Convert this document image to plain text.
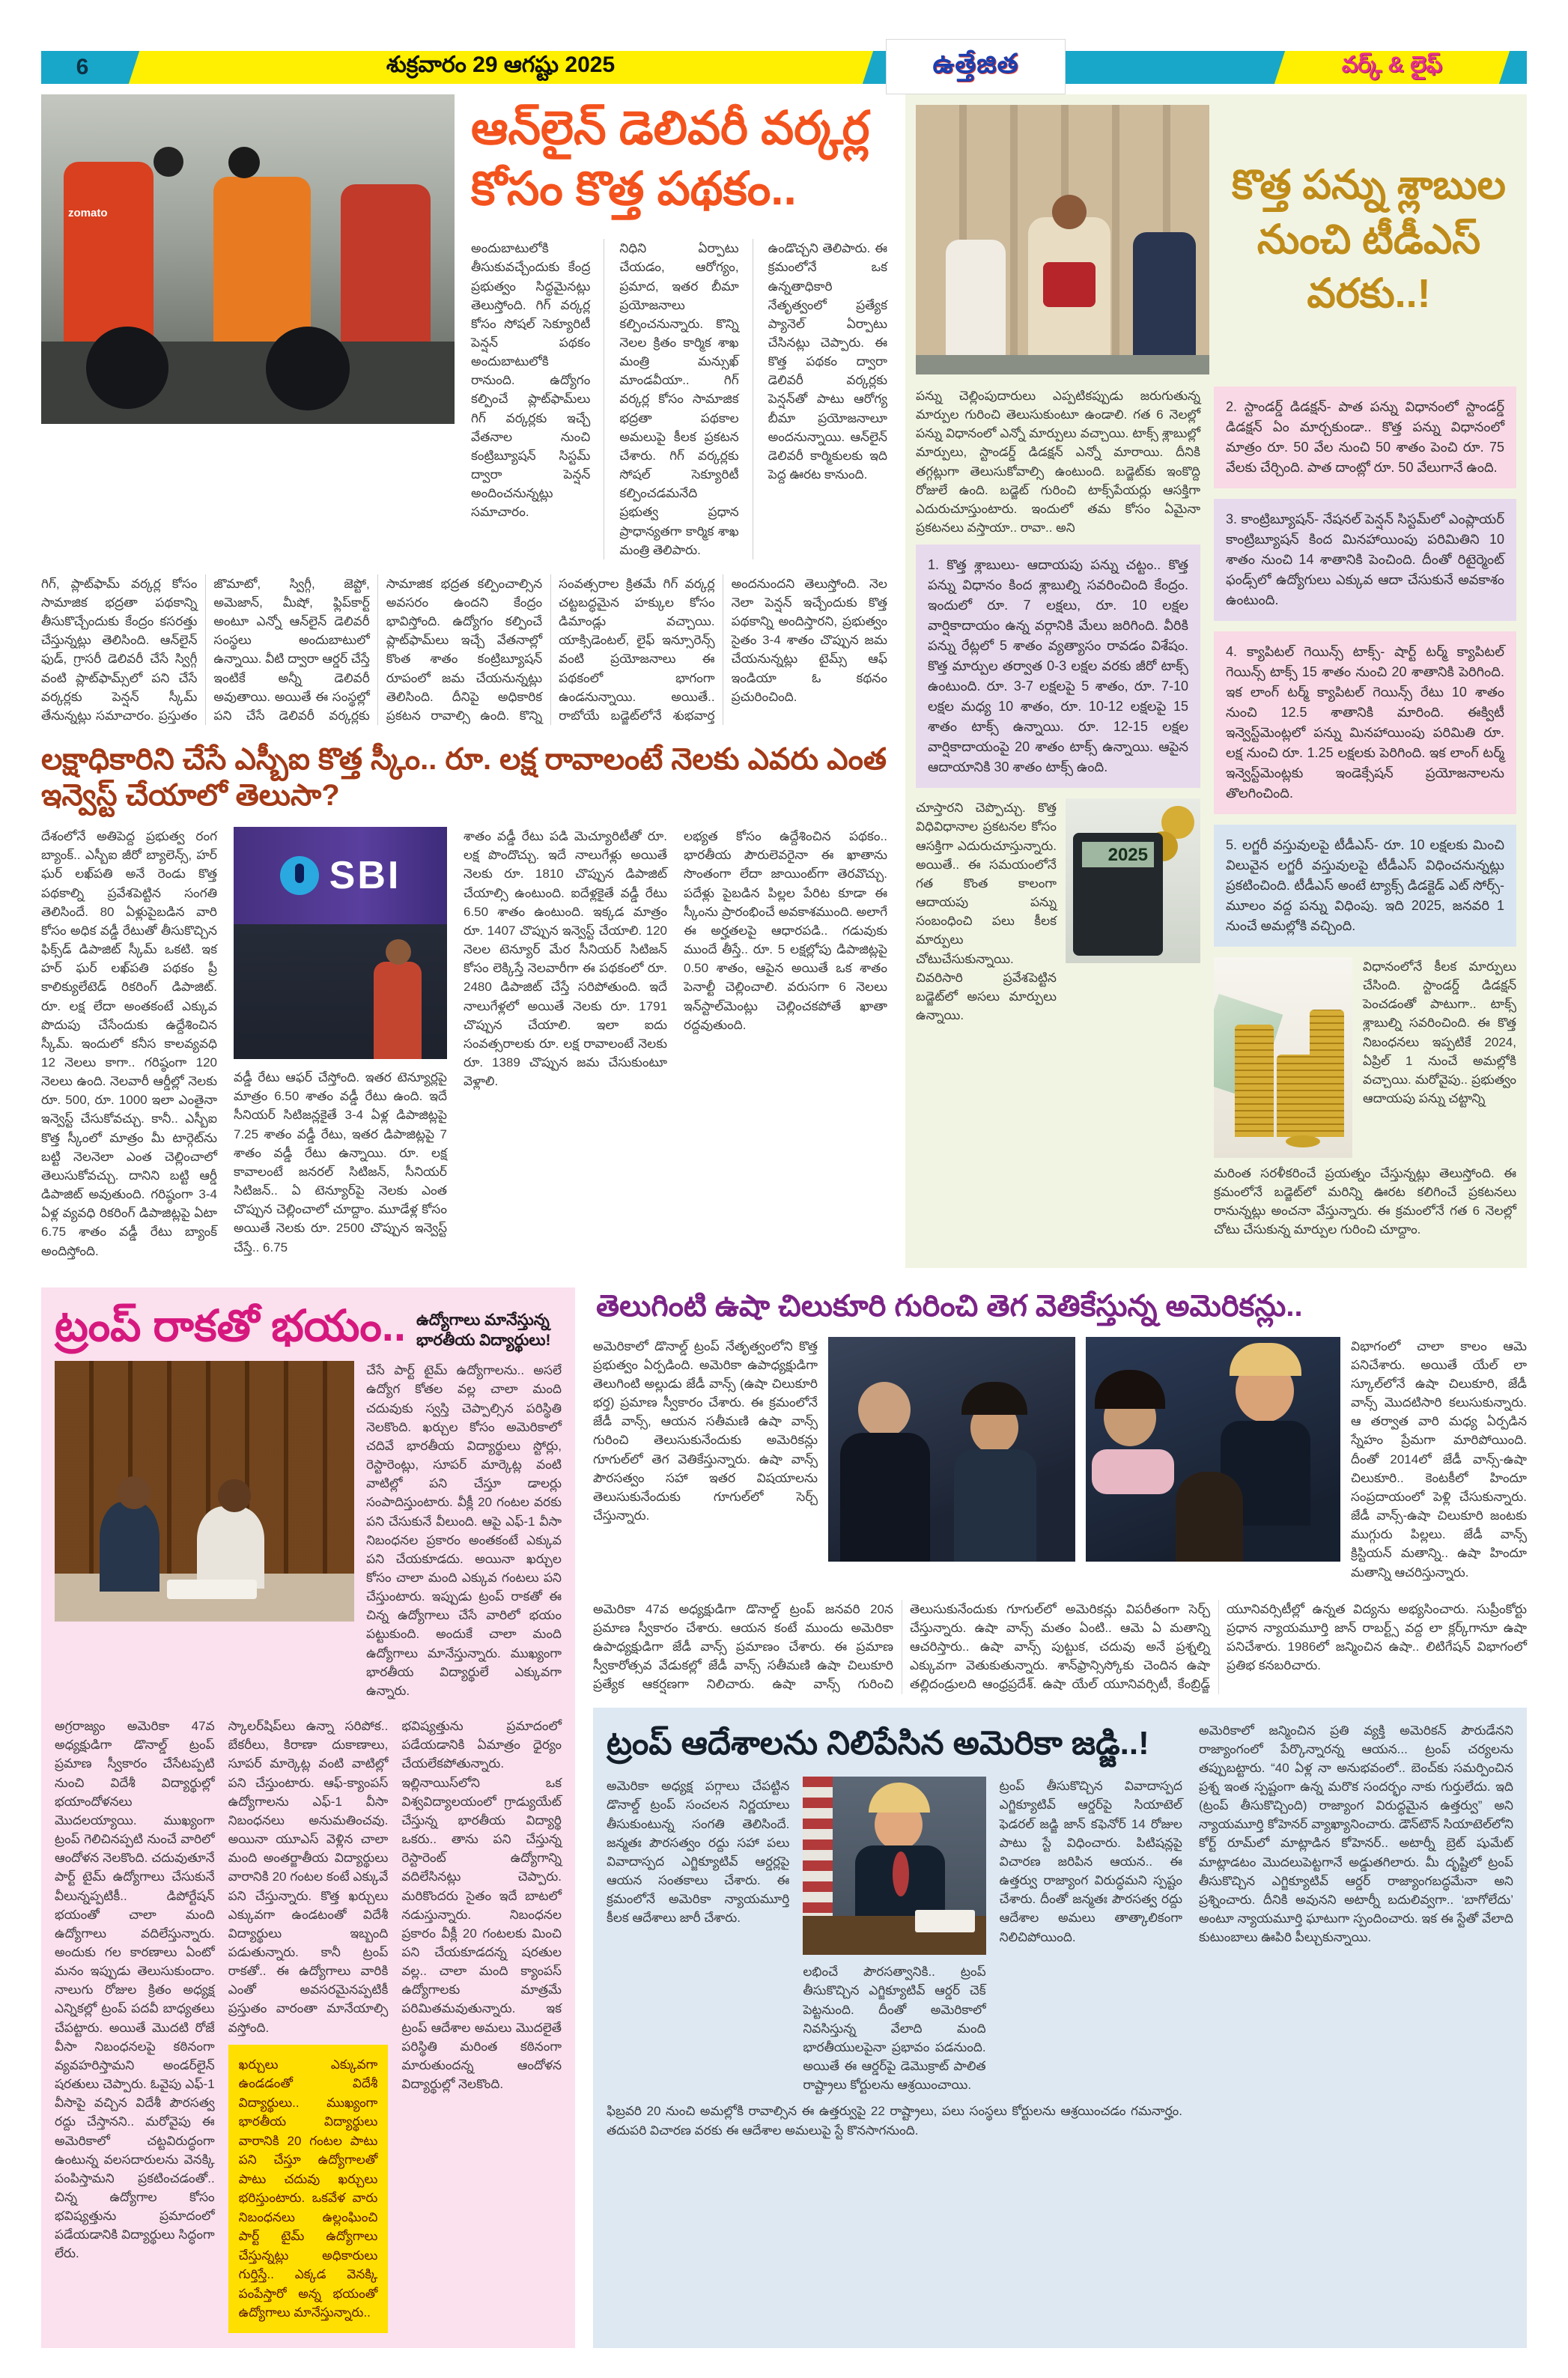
6	శుక్రవారం 29 ఆగష్టు 2025	ఉత్తేజిత	వర్క్ & లైఫ్
zomato
ఆన్‌లైన్ డెలివరీ వర్కర్ల కోసం కొత్త పథకం..

అందుబాటులోకి తీసుకువచ్చేందుకు కేంద్ర ప్రభుత్వం సిద్ధమైనట్లు తెలుస్తోంది. గిగ్ వర్కర్ల కోసం సోషల్ సెక్యూరిటీ పెన్షన్ పథకం అందుబాటులోకి రానుంది. ఉద్యోగం కల్పించే ప్లాట్‌ఫామ్‌లు గిగ్ వర్కర్లకు ఇచ్చే వేతనాల నుంచి కంట్రిబ్యూషన్ సిస్టమ్ ద్వారా పెన్షన్ అందించనున్నట్లు సమాచారం.

నిధిని ఏర్పాటు చేయడం, ఆరోగ్యం, ప్రమాద, ఇతర బీమా ప్రయోజనాలు కల్పించనున్నారు. కొన్ని నెలల క్రితం కార్మిక శాఖ మంత్రి మన్సుఖ్ మాండవీయా.. గిగ్ వర్కర్ల కోసం సామాజిక భద్రతా పథకాల అమలుపై కీలక ప్రకటన చేశారు. గిగ్ వర్కర్లకు సోషల్ సెక్యూరిటీ కల్పించడమనేది ప్రభుత్వ ప్రధాన ప్రాధాన్యతగా కార్మిక శాఖ మంత్రి తెలిపారు.

ఉండొచ్చని తెలిపారు. ఈ క్రమంలోనే ఒక ఉన్నతాధికారి నేతృత్వంలో ప్రత్యేక ప్యానెల్ ఏర్పాటు చేసినట్లు చెప్పారు. ఈ కొత్త పథకం ద్వారా డెలివరీ వర్కర్లకు పెన్షన్‌తో పాటు ఆరోగ్య బీమా ప్రయోజనాలూ అందనున్నాయి. ఆన్‌లైన్ డెలివరీ కార్మికులకు ఇది పెద్ద ఊరట కానుంది.

గిగ్, ప్లాట్‌ఫామ్ వర్కర్ల కోసం సామాజిక భద్రతా పథకాన్ని తీసుకొచ్చేందుకు కేంద్రం కసరత్తు చేస్తున్నట్లు తెలిసింది. ఆన్‌లైన్ ఫుడ్, గ్రాసరీ డెలివరీ చేసే స్విగ్గీ వంటి ప్లాట్‌ఫామ్స్‌లో పని చేసే వర్కర్లకు పెన్షన్ స్కీమ్ తేనున్నట్లు సమాచారం. ప్రస్తుతం జొమాటో, స్విగ్గీ, జెప్టో, అమెజాన్, మీషో, ఫ్లిప్‌కార్ట్ అంటూ ఎన్నో ఆన్‌లైన్ డెలివరీ సంస్థలు అందుబాటులో ఉన్నాయి. వీటి ద్వారా ఆర్డర్ చేస్తే ఇంటికే అన్నీ డెలివరీ అవుతాయి. అయితే ఈ సంస్థల్లో పని చేసే డెలివరీ వర్కర్లకు సామాజిక భద్రత కల్పించాల్సిన అవసరం ఉందని కేంద్రం భావిస్తోంది. ఉద్యోగం కల్పించే ప్లాట్‌ఫామ్‌లు ఇచ్చే వేతనాల్లో కొంత శాతం కంట్రిబ్యూషన్ రూపంలో జమ చేయనున్నట్లు తెలిసింది. దీనిపై అధికారిక ప్రకటన రావాల్సి ఉంది. కొన్ని సంవత్సరాల క్రితమే గిగ్ వర్కర్ల చట్టబద్ధమైన హక్కుల కోసం డిమాండ్లు వచ్చాయి. యాక్సిడెంటల్, లైఫ్ ఇన్సూరెన్స్ వంటి ప్రయోజనాలు ఈ పథకంలో భాగంగా ఉండనున్నాయి. అయితే.. రాబోయే బడ్జెట్‌లోనే శుభవార్త అందనుందని తెలుస్తోంది. నెల నెలా పెన్షన్ ఇచ్చేందుకు కొత్త పథకాన్ని అందిస్తారని, ప్రభుత్వం సైతం 3-4 శాతం చొప్పున జమ చేయనున్నట్లు టైమ్స్ ఆఫ్ ఇండియా ఓ కథనం ప్రచురించింది.
లక్షాధికారిని చేసే ఎస్బీఐ కొత్త స్కీం.. రూ. లక్ష రావాలంటే నెలకు ఎవరు ఎంత ఇన్వెస్ట్ చేయాలో తెలుసా?

దేశంలోనే అతిపెద్ద ప్రభుత్వ రంగ బ్యాంక్.. ఎస్బీఐ జీరో బ్యాలెన్స్, హర్ ఘర్ లఖ్‌పతి అనే రెండు కొత్త పథకాల్ని ప్రవేశపెట్టిన సంగతి తెలిసిందే. 80 ఏళ్లుపైబడిన వారి కోసం అధిక వడ్డీ రేటుతో తీసుకొచ్చిన ఫిక్స్‌డ్ డిపాజిట్ స్కీమ్ ఒకటి. ఇక హర్ ఘర్ లఖ్‌పతి పథకం ప్రీ కాలిక్యులేటెడ్ రికరింగ్ డిపాజిట్. రూ. లక్ష లేదా అంతకంటే ఎక్కువ పొదుపు చేసేందుకు ఉద్దేశించిన స్కీమ్. ఇందులో కనీస కాలవ్యవధి 12 నెలలు కాగా.. గరిష్ఠంగా 120 నెలలు ఉంది. నెలవారీ ఆర్డీల్లో నెలకు రూ. 500, రూ. 1000 ఇలా ఎంతైనా ఇన్వెస్ట్ చేసుకోవచ్చు. కానీ.. ఎస్బీఐ కొత్త స్కీంలో మాత్రం మీ టార్గెట్‌ను బట్టి నెలనెలా ఎంత చెల్లించాలో తెలుసుకోవచ్చు. దానిని బట్టి ఆర్డీ డిపాజిట్ అవుతుంది. గరిష్ఠంగా 3-4 ఏళ్ల వ్యవధి రికరింగ్ డిపాజిట్లపై ఏటా 6.75 శాతం వడ్డీ రేటు బ్యాంక్ అందిస్తోంది.

SBI

వడ్డీ రేటు ఆఫర్ చేస్తోంది. ఇతర టెన్యూర్లపై మాత్రం 6.50 శాతం వడ్డీ రేటు ఉంది. ఇదే సీనియర్ సిటిజన్లకైతే 3-4 ఏళ్ల డిపాజిట్లపై 7.25 శాతం వడ్డీ రేటు, ఇతర డిపాజిట్లపై 7 శాతం వడ్డీ రేటు ఉన్నాయి. రూ. లక్ష కావాలంటే జనరల్ సిటిజన్, సీనియర్ సిటిజన్.. ఏ టెన్యూర్‌పై నెలకు ఎంత చొప్పున చెల్లించాలో చూద్దాం. మూడేళ్ల కోసం అయితే నెలకు రూ. 2500 చొప్పున ఇన్వెస్ట్ చేస్తే.. 6.75

శాతం వడ్డీ రేటు పడి మెచ్యూరిటీతో రూ. లక్ష పొందొచ్చు. ఇదే నాలుగేళ్లు అయితే నెలకు రూ. 1810 చొప్పున డిపాజిట్ చేయాల్సి ఉంటుంది. ఐదేళ్లకైతే వడ్డీ రేటు 6.50 శాతం ఉంటుంది. ఇక్కడ మాత్రం రూ. 1407 చొప్పున ఇన్వెస్ట్ చేయాలి. 120 నెలల టెన్యూర్ మేర సీనియర్ సిటిజన్ కోసం లెక్కిస్తే నెలవారీగా ఈ పథకంలో రూ. 2480 డిపాజిట్ చేస్తే సరిపోతుంది. ఇదే నాలుగేళ్లలో అయితే నెలకు రూ. 1791 చొప్పున చేయాలి. ఇలా ఐదు సంవత్సరాలకు రూ. లక్ష రావాలంటే నెలకు రూ. 1389 చొప్పున జమ చేసుకుంటూ వెళ్లాలి.

లభ్యత కోసం ఉద్దేశించిన పథకం.. భారతీయ పౌరులెవరైనా ఈ ఖాతాను సొంతంగా లేదా జాయింట్‌గా తెరవొచ్చు. పదేళ్లు పైబడిన పిల్లల పేరిట కూడా ఈ స్కీంను ప్రారంభించే అవకాశముంది. అలాగే ఈ అర్హతలపై ఆధారపడి.. గడువుకు ముందే తీస్తే.. రూ. 5 లక్షల్లోపు డిపాజిట్లపై 0.50 శాతం, ఆపైన అయితే ఒక శాతం పెనాల్టీ చెల్లించాలి. వరుసగా 6 నెలలు ఇన్‌స్టాల్‌మెంట్లు చెల్లించకపోతే ఖాతా రద్దవుతుంది.

కొత్త పన్ను శ్లాబుల నుంచి టీడీఎస్ వరకు..!

పన్ను చెల్లింపుదారులు ఎప్పటికప్పుడు జరుగుతున్న మార్పుల గురించి తెలుసుకుంటూ ఉండాలి. గత 6 నెలల్లో పన్ను విధానంలో ఎన్నో మార్పులు వచ్చాయి. టాక్స్ శ్లాబుల్లో మార్పులు, స్టాండర్డ్ డిడక్షన్ ఎన్నో మారాయి. దీనికి తగ్గట్లుగా తెలుసుకోవాల్సి ఉంటుంది. బడ్జెట్‌కు ఇంకొద్ది రోజులే ఉంది. బడ్జెట్ గురించి టాక్స్‌పేయర్లు ఆసక్తిగా ఎదురుచూస్తుంటారు. ఇందులో తమ కోసం ఏమైనా ప్రకటనలు వస్తాయా.. రావా.. అని

1. కొత్త శ్లాబులు- ఆదాయపు పన్ను చట్టం.. కొత్త పన్ను విధానం కింద శ్లాబుల్ని సవరించింది కేంద్రం. ఇందులో రూ. 7 లక్షలు, రూ. 10 లక్షల వార్షికాదాయం ఉన్న వర్గానికి మేలు జరిగింది. వీరికి పన్ను రేట్లలో 5 శాతం వ్యత్యాసం రావడం విశేషం. కొత్త మార్పుల తర్వాత 0-3 లక్షల వరకు జీరో టాక్స్ ఉంటుంది. రూ. 3-7 లక్షలపై 5 శాతం, రూ. 7-10 లక్షల మధ్య 10 శాతం, రూ. 10-12 లక్షలపై 15 శాతం టాక్స్ ఉన్నాయి. రూ. 12-15 లక్షల వార్షికాదాయంపై 20 శాతం టాక్స్ ఉన్నాయి. ఆపైన ఆదాయానికి 30 శాతం టాక్స్ ఉంది.

చూస్తారని చెప్పొచ్చు. కొత్త విధివిధానాల ప్రకటనల కోసం ఆసక్తిగా ఎదురుచూస్తున్నారు. అయితే.. ఈ సమయంలోనే గత కొంత కాలంగా ఆదాయపు పన్ను సంబంధించి పలు కీలక మార్పులు చోటుచేసుకున్నాయి. చివరిసారి ప్రవేశపెట్టిన బడ్జెట్‌లో అసలు మార్పులు ఉన్నాయి.

2025
2. స్టాండర్డ్ డిడక్షన్- పాత పన్ను విధానంలో స్టాండర్డ్ డిడక్షన్ ఏం మార్చకుండా.. కొత్త పన్ను విధానంలో మాత్రం రూ. 50 వేల నుంచి 50 శాతం పెంచి రూ. 75 వేలకు చేర్చింది. పాత దాంట్లో రూ. 50 వేలుగానే ఉంది.
3. కాంట్రిబ్యూషన్- నేషనల్ పెన్షన్ సిస్టమ్‌లో ఎంప్లాయర్ కాంట్రిబ్యూషన్ కింద మినహాయింపు పరిమితిని 10 శాతం నుంచి 14 శాతానికి పెంచింది. దీంతో రిటైర్మెంట్ ఫండ్స్‌లో ఉద్యోగులు ఎక్కువ ఆదా చేసుకునే అవకాశం ఉంటుంది.
4. క్యాపిటల్ గెయిన్స్ టాక్స్- షార్ట్ టర్మ్ క్యాపిటల్ గెయిన్స్ టాక్స్ 15 శాతం నుంచి 20 శాతానికి పెరిగింది. ఇక లాంగ్ టర్మ్ క్యాపిటల్ గెయిన్స్ రేటు 10 శాతం నుంచి 12.5 శాతానికి మారింది. ఈక్విటీ ఇన్వెస్ట్‌మెంట్లలో పన్ను మినహాయింపు పరిమితి రూ. లక్ష నుంచి రూ. 1.25 లక్షలకు పెరిగింది. ఇక లాంగ్ టర్మ్ ఇన్వెస్ట్‌మెంట్లకు ఇండెక్సేషన్ ప్రయోజనాలను తొలగించింది.
5. లగ్జరీ వస్తువులపై టీడీఎస్- రూ. 10 లక్షలకు మించి విలువైన లగ్జరీ వస్తువులపై టీడీఎస్ విధించనున్నట్లు ప్రకటించింది. టీడీఎస్ అంటే ట్యాక్స్ డిడక్టెడ్ ఎట్ సోర్స్- మూలం వద్ద పన్ను విధింపు. ఇది 2025, జనవరి 1 నుంచే అమల్లోకి వచ్చింది.

విధానంలోనే కీలక మార్పులు చేసింది. స్టాండర్డ్ డిడక్షన్ పెంచడంతో పాటుగా.. టాక్స్ శ్లాబుల్ని సవరించింది. ఈ కొత్త నిబంధనలు ఇప్పటికే 2024, ఏప్రిల్ 1 నుంచే అమల్లోకి వచ్చాయి. మరోవైపు.. ప్రభుత్వం ఆదాయపు పన్ను చట్టాన్ని

మరింత సరళీకరించే ప్రయత్నం చేస్తున్నట్లు తెలుస్తోంది. ఈ క్రమంలోనే బడ్జెట్‌లో మరిన్ని ఊరట కలిగించే ప్రకటనలు రానున్నట్లు అంచనా వేస్తున్నారు. ఈ క్రమంలోనే గత 6 నెలల్లో చోటు చేసుకున్న మార్పుల గురించి చూద్దాం.

ట్రంప్ రాకతో భయం.. ఉద్యోగాలు మానేస్తున్న భారతీయ విద్యార్థులు!

చేసే పార్ట్ టైమ్ ఉద్యోగాలను.. అసలే ఉద్యోగ కోతల వల్ల చాలా మంది చదువుకు స్వస్తి చెప్పాల్సిన పరిస్థితి నెలకొంది. ఖర్చుల కోసం అమెరికాలో చదివే భారతీయ విద్యార్థులు స్టోర్లు, రెస్టారెంట్లు, సూపర్ మార్కెట్ల వంటి వాటిల్లో పని చేస్తూ డాలర్లు సంపాదిస్తుంటారు. వీక్లీ 20 గంటల వరకు పని చేసుకునే వీలుంది. ఆపై ఎఫ్-1 వీసా నిబంధనల ప్రకారం అంతకంటే ఎక్కువ పని చేయకూడదు. అయినా ఖర్చుల కోసం చాలా మంది ఎక్కువ గంటలు పని చేస్తుంటారు. ఇప్పుడు ట్రంప్ రాకతో ఈ చిన్న ఉద్యోగాలు చేసే వారిలో భయం పట్టుకుంది. అందుకే చాలా మంది ఉద్యోగాలు మానేస్తున్నారు. ముఖ్యంగా భారతీయ విద్యార్థులే ఎక్కువగా ఉన్నారు.

అగ్రరాజ్యం అమెరికా 47వ అధ్యక్షుడిగా డొనాల్డ్ ట్రంప్ ప్రమాణ స్వీకారం చేసేటప్పటి నుంచి విదేశీ విద్యార్థుల్లో భయాందోళనలు మొదలయ్యాయి. ముఖ్యంగా ట్రంప్ గెలిచినప్పటి నుంచే వారిలో ఆందోళన నెలకొంది. చదువుతూనే పార్ట్ టైమ్ ఉద్యోగాలు చేసుకునే వీలున్నప్పటికీ.. డిపోర్టేషన్ భయంతో చాలా మంది ఉద్యోగాలు వదిలేస్తున్నారు. అందుకు గల కారణాలు ఏంటో మనం ఇప్పుడు తెలుసుకుందాం. నాలుగు రోజుల క్రితం అధ్యక్ష ఎన్నికల్లో ట్రంప్ పదవీ బాధ్యతలు చేపట్టారు. అయితే మొదటి రోజే వీసా నిబంధనలపై కఠినంగా వ్యవహరిస్తామని అండర్‌లైన్ షరతులు చెప్పారు. ఓవైపు ఎఫ్-1 వీసాపై వచ్చిన విదేశీ పౌరసత్వ రద్దు చేస్తానని.. మరోవైపు ఈ అమెరికాలో చట్టవిరుద్ధంగా ఉంటున్న వలసదారులను వెనక్కి పంపిస్తామని ప్రకటించడంతో.. చిన్న ఉద్యోగాల కోసం భవిష్యత్తును ప్రమాదంలో పడేయడానికి విద్యార్థులు సిద్ధంగా లేరు.

స్కాలర్‌షిప్‌లు ఉన్నా సరిపోక.. బేకరీలు, కిరాణా దుకాణాలు, సూపర్ మార్కెట్ల వంటి వాటిల్లో పని చేస్తుంటారు. ఆఫ్-క్యాంపస్ ఉద్యోగాలను ఎఫ్-1 వీసా నిబంధనలు అనుమతించవు. అయినా యూఎస్ వెళ్లిన చాలా మంది అంతర్జాతీయ విద్యార్థులు వారానికి 20 గంటల కంటే ఎక్కువే పని చేస్తున్నారు. కొత్త ఖర్చులు ఎక్కువగా ఉండటంతో విదేశీ విద్యార్థులు ఇబ్బంది పడుతున్నారు. కానీ ట్రంప్ రాకతో.. ఈ ఉద్యోగాలు వారికి ఎంతో అవసరమైనప్పటికీ ప్రస్తుతం వారంతా మానేయాల్సి వస్తోంది.

ఖర్చులు ఎక్కువగా ఉండడంతో విదేశీ విద్యార్థులు.. ముఖ్యంగా భారతీయ విద్యార్థులు వారానికి 20 గంటల పాటు పని చేస్తూ ఉద్యోగాలతో పాటు చదువు ఖర్చులు భరిస్తుంటారు. ఒకవేళ వారు నిబంధనలు ఉల్లంఘించి పార్ట్ టైమ్ ఉద్యోగాలు చేస్తున్నట్లు అధికారులు గుర్తిస్తే.. ఎక్కడ వెనక్కి పంపేస్తారో అన్న భయంతో ఉద్యోగాలు మానేస్తున్నారు..

భవిష్యత్తును ప్రమాదంలో పడేయడానికి ఏమాత్రం ధైర్యం చేయలేకపోతున్నారు. ఇల్లినాయిస్‌లోని ఒక విశ్వవిద్యాలయంలో గ్రాడ్యుయేట్ చేస్తున్న భారతీయ విద్యార్థి ఒకరు.. తాను పని చేస్తున్న రెస్టారెంట్ ఉద్యోగాన్ని వదిలేసినట్లు చెప్పారు. మరికొందరు సైతం ఇదే బాటలో నడుస్తున్నారు. నిబంధనల ప్రకారం వీక్లీ 20 గంటలకు మించి పని చేయకూడదన్న షరతుల వల్ల.. చాలా మంది క్యాంపస్ ఉద్యోగాలకు మాత్రమే పరిమితమవుతున్నారు. ఇక ట్రంప్ ఆదేశాల అమలు మొదలైతే పరిస్థితి మరింత కఠినంగా మారుతుందన్న ఆందోళన విద్యార్థుల్లో నెలకొంది.

తెలుగింటి ఉషా చిలుకూరి గురించి తెగ వెతికేస్తున్న అమెరికన్లు..

అమెరికాలో డొనాల్డ్ ట్రంప్ నేతృత్వంలోని కొత్త ప్రభుత్వం ఏర్పడింది. అమెరికా ఉపాధ్యక్షుడిగా తెలుగింటి అల్లుడు జేడీ వాన్స్ (ఉషా చిలుకూరి భర్త) ప్రమాణ స్వీకారం చేశారు. ఈ క్రమంలోనే జేడీ వాన్స్, ఆయన సతీమణి ఉషా వాన్స్ గురించి తెలుసుకునేందుకు అమెరికన్లు గూగుల్‌లో తెగ వెతికేస్తున్నారు. ఉషా వాన్స్ పౌరసత్వం సహా ఇతర విషయాలను తెలుసుకునేందుకు గూగుల్‌లో సెర్చ్ చేస్తున్నారు.

విభాగంలో చాలా కాలం ఆమె పనిచేశారు. అయితే యేల్ లా స్కూల్‌లోనే ఉషా చిలుకూరి, జేడీ వాన్స్ మొదటిసారి కలుసుకున్నారు. ఆ తర్వాత వారి మధ్య ఏర్పడిన స్నేహం ప్రేమగా మారిపోయింది. దీంతో 2014లో జేడీ వాన్స్-ఉషా చిలుకూరి.. కెంటకీలో హిందూ సంప్రదాయంలో పెళ్లి చేసుకున్నారు. జేడీ వాన్స్-ఉషా చిలుకూరి జంటకు ముగ్గురు పిల్లలు. జేడీ వాన్స్ క్రిస్టియన్ మతాన్ని.. ఉషా హిందూ మతాన్ని ఆచరిస్తున్నారు.

అమెరికా 47వ అధ్యక్షుడిగా డొనాల్డ్ ట్రంప్ జనవరి 20న ప్రమాణ స్వీకారం చేశారు. ఆయన కంటే ముందు అమెరికా ఉపాధ్యక్షుడిగా జేడీ వాన్స్ ప్రమాణం చేశారు. ఈ ప్రమాణ స్వీకారోత్సవ వేడుకల్లో జేడీ వాన్స్ సతీమణి ఉషా చిలుకూరి ప్రత్యేక ఆకర్షణగా నిలిచారు. ఉషా వాన్స్ గురించి తెలుసుకునేందుకు గూగుల్‌లో అమెరికన్లు విపరీతంగా సెర్చ్ చేస్తున్నారు. ఉషా వాన్స్ మతం ఏంటి.. ఆమె ఏ మతాన్ని ఆచరిస్తారు.. ఉషా వాన్స్ పుట్టుక, చదువు అనే ప్రశ్నల్ని ఎక్కువగా వెతుకుతున్నారు. శాన్‌ఫ్రాన్సిస్కోకు చెందిన ఉషా తల్లిదండ్రులది ఆంధ్రప్రదేశ్. ఉషా యేల్ యూనివర్సిటీ, కేంబ్రిడ్జ్ యూనివర్సిటీల్లో ఉన్నత విద్యను అభ్యసించారు. సుప్రీంకోర్టు ప్రధాన న్యాయమూర్తి జాన్ రాబర్ట్స్ వద్ద లా క్లర్క్‌గానూ ఉషా పనిచేశారు. 1986లో జన్మించిన ఉషా.. లిటిగేషన్ విభాగంలో ప్రతిభ కనబరిచారు.
ట్రంప్ ఆదేశాలను నిలిపేసిన అమెరికా జడ్జి..!

అమెరికా అధ్యక్ష పగ్గాలు చేపట్టిన డొనాల్డ్ ట్రంప్ సంచలన నిర్ణయాలు తీసుకుంటున్న సంగతి తెలిసిందే. జన్మతః పౌరసత్వం రద్దు సహా పలు వివాదాస్పద ఎగ్జిక్యూటివ్ ఆర్డర్లపై ఆయన సంతకాలు చేశారు. ఈ క్రమంలోనే అమెరికా న్యాయమూర్తి కీలక ఆదేశాలు జారీ చేశారు.

లభించే పౌరసత్వానికి.. ట్రంప్ తీసుకొచ్చిన ఎగ్జిక్యూటివ్ ఆర్డర్ చెక్ పెట్టనుంది. దీంతో అమెరికాలో నివసిస్తున్న వేలాది మంది భారతీయులపైనా ప్రభావం పడనుంది. అయితే ఈ ఆర్డర్‌పై డెమొక్రాట్ పాలిత రాష్ట్రాలు కోర్టులను ఆశ్రయించాయి.

ట్రంప్ తీసుకొచ్చిన వివాదాస్పద ఎగ్జిక్యూటివ్ ఆర్డర్‌పై సియాటెల్ ఫెడరల్ జడ్జి జాన్ కఫెనోర్ 14 రోజుల పాటు స్టే విధించారు. పిటిషన్లపై విచారణ జరిపిన ఆయన.. ఈ ఉత్తర్వు రాజ్యాంగ విరుద్ధమని స్పష్టం చేశారు. దీంతో జన్మతః పౌరసత్వ రద్దు ఆదేశాల అమలు తాత్కాలికంగా నిలిచిపోయింది.

ఫిబ్రవరి 20 నుంచి అమల్లోకి రావాల్సిన ఈ ఉత్తర్వుపై 22 రాష్ట్రాలు, పలు సంస్థలు కోర్టులను ఆశ్రయించడం గమనార్హం. తదుపరి విచారణ వరకు ఈ ఆదేశాల అమలుపై స్టే కొనసాగనుంది.

అమెరికాలో జన్మించిన ప్రతి వ్యక్తి అమెరికన్ పౌరుడేనని రాజ్యాంగంలో పేర్కొన్నారన్న ఆయన... ట్రంప్ చర్యలను తప్పుబట్టారు. “40 ఏళ్ల నా అనుభవంలో.. బెంచ్‌కు సమర్పించిన ప్రశ్న ఇంత స్పష్టంగా ఉన్న మరొక సందర్భం నాకు గుర్తులేదు. ఇది (ట్రంప్ తీసుకొచ్చింది) రాజ్యాంగ విరుద్ధమైన ఉత్తర్వు” అని న్యాయమూర్తి కోహెనర్ వ్యాఖ్యానించారు. డౌన్‌టౌన్ సియాటెల్‌లోని కోర్ట్ రూమ్‌లో మాట్లాడిన కోహెనర్.. అటార్నీ బ్రెట్ షుమేట్ మాట్లాడటం మొదలుపెట్టగానే అడ్డుతగిలారు. మీ దృష్టిలో ట్రంప్ తీసుకొచ్చిన ఎగ్జిక్యూటివ్ ఆర్డర్ రాజ్యాంగబద్ధమేనా అని ప్రశ్నించారు. దీనికి అవునని అటార్నీ బదులివ్వగా.. ‘బాగోలేదు’ అంటూ న్యాయమూర్తి ఘాటుగా స్పందించారు. ఇక ఈ స్టేతో వేలాది కుటుంబాలు ఊపిరి పీల్చుకున్నాయి.
